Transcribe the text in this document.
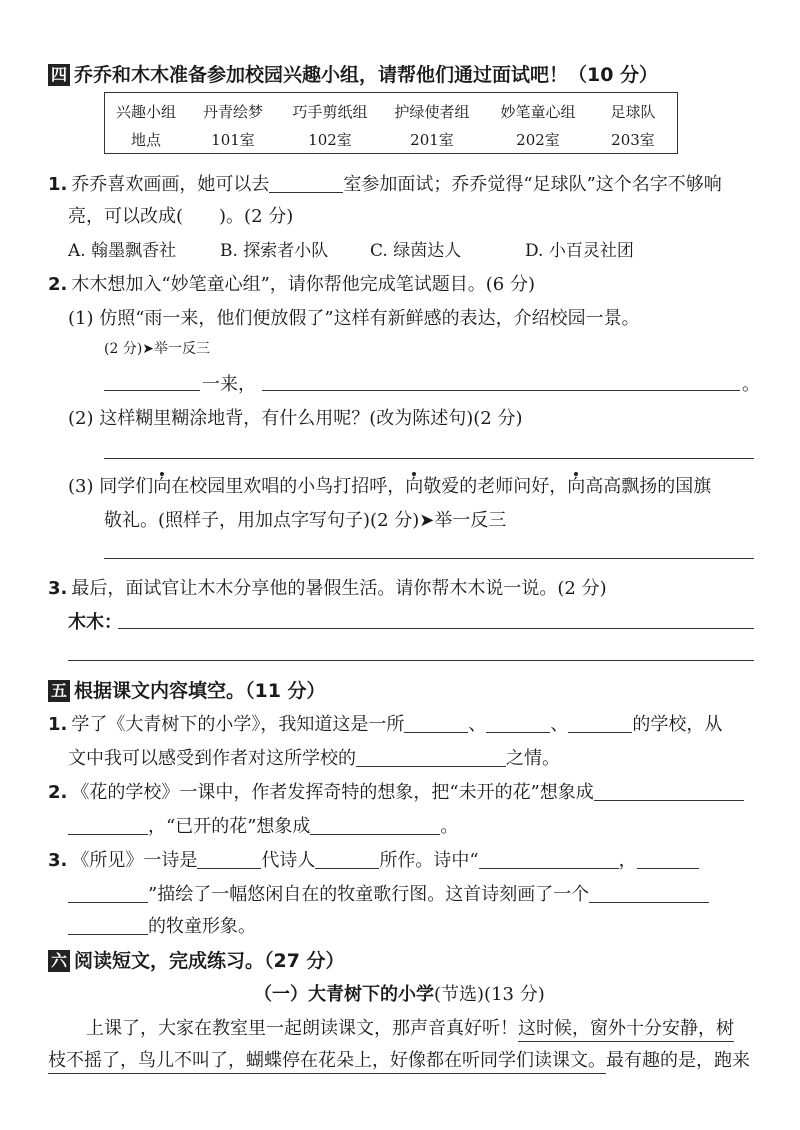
四 乔乔和木木准备参加校园兴趣小组，请帮他们通过面试吧！（10 分）
兴趣小组	丹青绘梦	巧手剪纸组	护绿使者组	妙笔童心组	足球队
地点	101室	102室	201室	202室	203室
1. 乔乔喜欢画画，她可以去	室参加面试；乔乔觉得“足球队”这个名字不够响
亮，可以改成(　　)。(2 分)
A. 翰墨飘香社	B. 探索者小队 C. 绿茵达人	D. 小百灵社团
2. 木木想加入“妙笔童心组”，请你帮他完成笔试题目。(6 分)
(1) 仿照“雨一来，他们便放假了”这样有新鲜感的表达，介绍校园一景。
(2 分)➤举一反三
一来，	。
(2) 这样糊里糊涂地背，有什么用呢？(改为陈述句)(2 分)
(3) 同学们向在校园里欢唱的小鸟打招呼，向敬爱的老师问好，向高高飘扬的国旗
敬礼。(照样子，用加点字写句子)(2 分)➤举一反三
3. 最后，面试官让木木分享他的暑假生活。请你帮木木说一说。(2 分)
木木：
五 根据课文内容填空。（11 分）
1. 学了《大青树下的小学》，我知道这是一所	、	、	的学校，从
文中我可以感受到作者对这所学校的	之情。
2. 《花的学校》一课中，作者发挥奇特的想象，把“未开的花”想象成
，“已开的花”想象成	。
3. 《所见》一诗是	代诗人	所作。诗中“	，
”描绘了一幅悠闲自在的牧童歌行图。这首诗刻画了一个
的牧童形象。
六 阅读短文，完成练习。（27 分）
（一）大青树下的小学(节选)(13 分)
上课了，大家在教室里一起朗读课文，那声音真好听！这时候，窗外十分安静，树
枝不摇了，鸟儿不叫了，蝴蝶停在花朵上，好像都在听同学们读课文。最有趣的是，跑来
